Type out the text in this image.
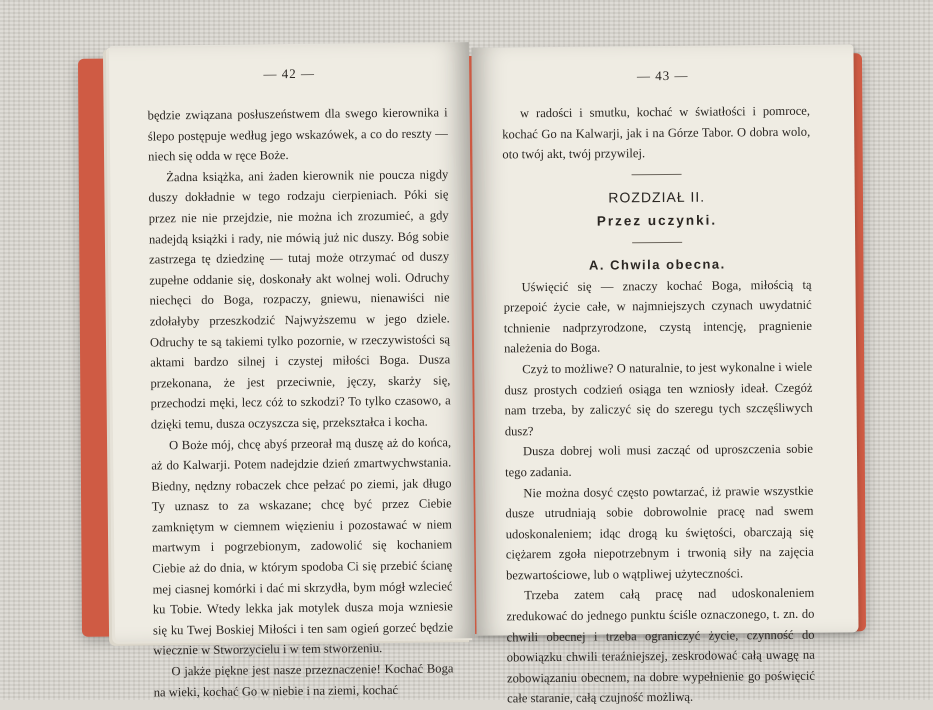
— 42 —

będzie związana posłuszeństwem dla swego kierownika i ślepo postępuje według jego wskazówek, a co do reszty — niech się odda w ręce Boże.

Żadna książka, ani żaden kierownik nie poucza nigdy duszy dokładnie w tego rodzaju cierpieniach. Póki się przez nie nie przejdzie, nie można ich zrozumieć, a gdy nadejdą książki i rady, nie mówią już nic duszy. Bóg sobie zastrzega tę dziedzinę — tutaj może otrzymać od duszy zupełne oddanie się, doskonały akt wolnej woli. Odruchy niechęci do Boga, rozpaczy, gniewu, nienawiści nie zdołałyby przeszkodzić Najwyższemu w jego dziele. Odruchy te są takiemi tylko pozornie, w rzeczywistości są aktami bardzo silnej i czystej miłości Boga. Dusza przekonana, że jest przeciwnie, jęczy, skarży się, przechodzi męki, lecz cóż to szkodzi? To tylko czasowo, a dzięki temu, dusza oczyszcza się, przekształca i kocha.

O Boże mój, chcę abyś przeorał mą duszę aż do końca, aż do Kalwarji. Potem nadejdzie dzień zmartwychwstania. Biedny, nędzny robaczek chce pełzać po ziemi, jak długo Ty uznasz to za wskazane; chcę być przez Ciebie zamkniętym w ciemnem więzieniu i pozostawać w niem martwym i pogrzebionym, zadowolić się kochaniem Ciebie aż do dnia, w którym spodoba Ci się przebić ścianę mej ciasnej komórki i dać mi skrzydła, bym mógł wzlecieć ku Tobie. Wtedy lekka jak motylek dusza moja wzniesie się ku Twej Boskiej Miłości i ten sam ogień gorzeć będzie wiecznie w Stworzycielu i w tem stworzeniu.

O jakże piękne jest nasze przeznaczenie! Kochać Boga na wieki, kochać Go w niebie i na ziemi, kochać

— 43 —

w radości i smutku, kochać w światłości i pomroce, kochać Go na Kalwarji, jak i na Górze Tabor. O dobra wolo, oto twój akt, twój przywilej.

ROZDZIAŁ II.
Przez uczynki.
A. Chwila obecna.

Uświęcić się — znaczy kochać Boga, miłością tą przepoić życie całe, w najmniejszych czynach uwydatnić tchnienie nadprzyrodzone, czystą intencję, pragnienie należenia do Boga.

Czyż to możliwe? O naturalnie, to jest wykonalne i wiele dusz prostych codzień osiąga ten wzniosły ideał. Czegóż nam trzeba, by zaliczyć się do szeregu tych szczęśliwych dusz?

Dusza dobrej woli musi zacząć od uproszczenia sobie tego zadania.

Nie można dosyć często powtarzać, iż prawie wszystkie dusze utrudniają sobie dobrowolnie pracę nad swem udoskonaleniem; idąc drogą ku świętości, obarczają się ciężarem zgoła niepotrzebnym i trwonią siły na zajęcia bezwartościowe, lub o wątpliwej użyteczności.

Trzeba zatem całą pracę nad udoskonaleniem zredukować do jednego punktu ściśle oznaczonego, t. zn. do chwili obecnej i trzeba ograniczyć życie, czynność do obowiązku chwili teraźniejszej, zeskrodować całą uwagę na zobowiązaniu obecnem, na dobre wypełnienie go poświęcić całe staranie, całą czujność możliwą.
